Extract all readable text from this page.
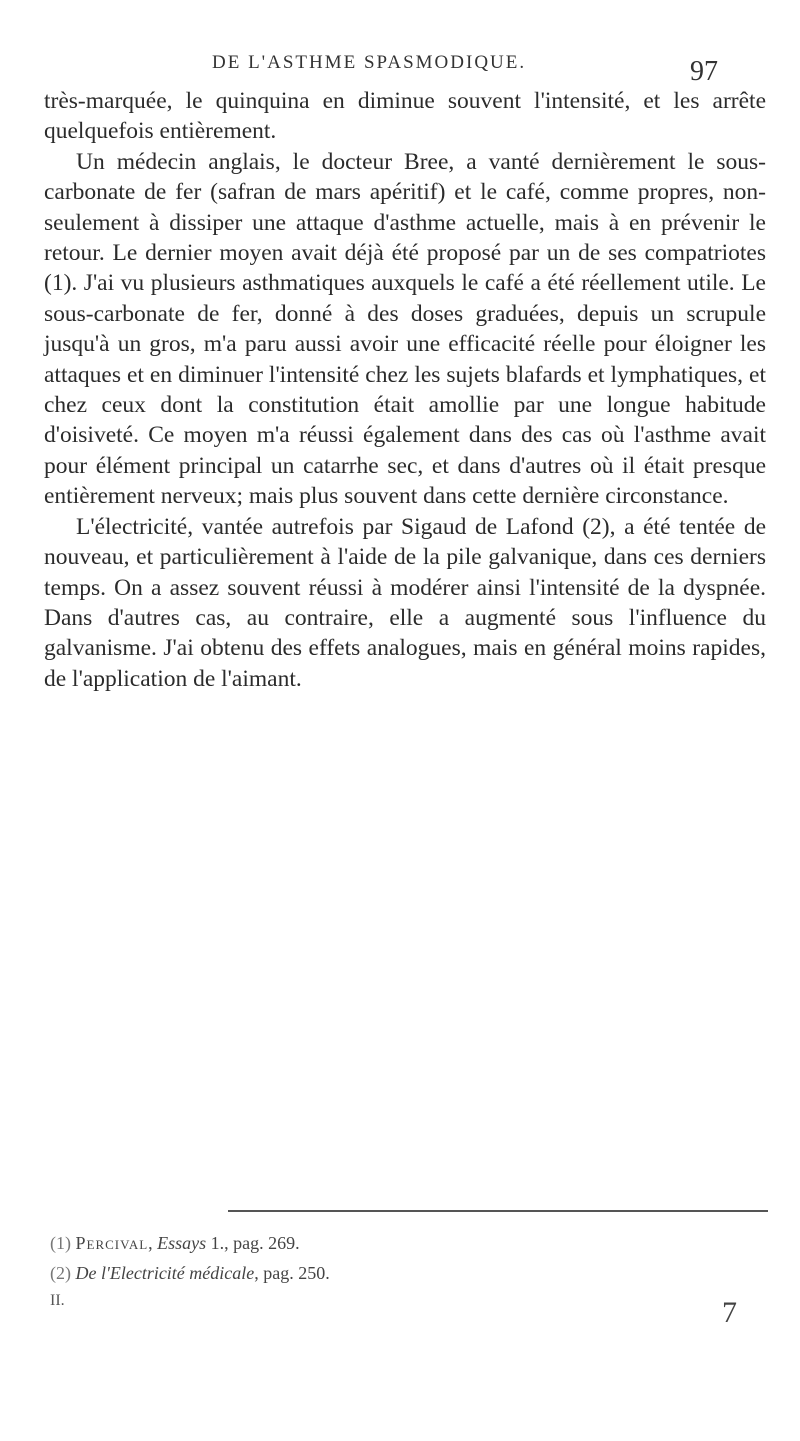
DE L'ASTHME SPASMODIQUE.	97

très-marquée, le quinquina en diminue souvent l'intensité, et les arrête quelquefois entièrement.

Un médecin anglais, le docteur Bree, a vanté dernièrement le sous-carbonate de fer (safran de mars apéritif) et le café, comme propres, non-seulement à dissiper une attaque d'asthme actuelle, mais à en prévenir le retour. Le dernier moyen avait déjà été proposé par un de ses compatriotes (1). J'ai vu plusieurs asthmatiques auxquels le café a été réellement utile. Le sous-carbonate de fer, donné à des doses graduées, depuis un scrupule jusqu'à un gros, m'a paru aussi avoir une efficacité réelle pour éloigner les attaques et en diminuer l'intensité chez les sujets blafards et lymphatiques, et chez ceux dont la constitution était amollie par une longue habitude d'oisiveté. Ce moyen m'a réussi également dans des cas où l'asthme avait pour élément principal un catarrhe sec, et dans d'autres où il était presque entièrement nerveux; mais plus souvent dans cette dernière circonstance.

L'électricité, vantée autrefois par Sigaud de Lafond (2), a été tentée de nouveau, et particulièrement à l'aide de la pile galvanique, dans ces derniers temps. On a assez souvent réussi à modérer ainsi l'intensité de la dyspnée. Dans d'autres cas, au contraire, elle a augmenté sous l'influence du galvanisme. J'ai obtenu des effets analogues, mais en général moins rapides, de l'application de l'aimant.

(1) Percival, Essays 1., pag. 269.
(2) De l'Electricité médicale, pag. 250.
II.	7
